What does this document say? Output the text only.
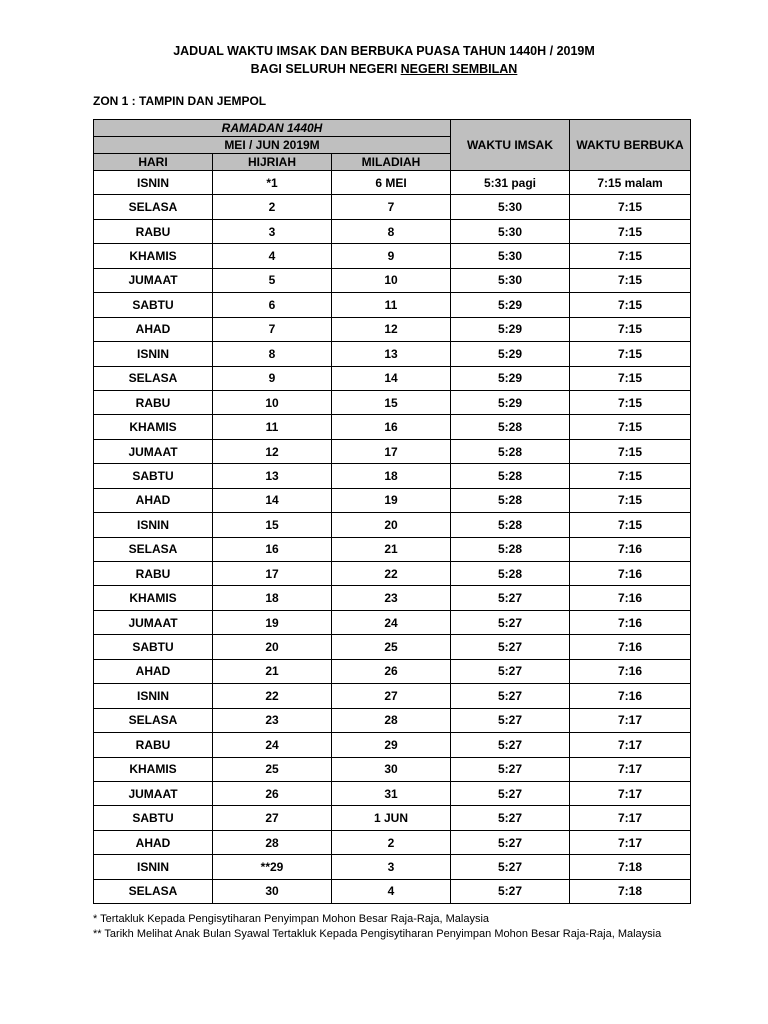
JADUAL WAKTU IMSAK DAN BERBUKA PUASA TAHUN 1440H / 2019M
BAGI SELURUH NEGERI NEGERI SEMBILAN
ZON 1 : TAMPIN DAN JEMPOL
RAMADAN 1440H			WAKTU IMSAK	WAKTU BERBUKA
MEI / JUN 2019M				
HARI	HIJRIAH	MILADIAH		
ISNIN	*1	6 MEI	5:31 pagi	7:15 malam
SELASA	2	7	5:30	7:15
RABU	3	8	5:30	7:15
KHAMIS	4	9	5:30	7:15
JUMAAT	5	10	5:30	7:15
SABTU	6	11	5:29	7:15
AHAD	7	12	5:29	7:15
ISNIN	8	13	5:29	7:15
SELASA	9	14	5:29	7:15
RABU	10	15	5:29	7:15
KHAMIS	11	16	5:28	7:15
JUMAAT	12	17	5:28	7:15
SABTU	13	18	5:28	7:15
AHAD	14	19	5:28	7:15
ISNIN	15	20	5:28	7:15
SELASA	16	21	5:28	7:16
RABU	17	22	5:28	7:16
KHAMIS	18	23	5:27	7:16
JUMAAT	19	24	5:27	7:16
SABTU	20	25	5:27	7:16
AHAD	21	26	5:27	7:16
ISNIN	22	27	5:27	7:16
SELASA	23	28	5:27	7:17
RABU	24	29	5:27	7:17
KHAMIS	25	30	5:27	7:17
JUMAAT	26	31	5:27	7:17
SABTU	27	1 JUN	5:27	7:17
AHAD	28	2	5:27	7:17
ISNIN	**29	3	5:27	7:18
SELASA	30	4	5:27	7:18
* Tertakluk Kepada Pengisytiharan Penyimpan Mohon Besar Raja-Raja, Malaysia
** Tarikh Melihat Anak Bulan Syawal Tertakluk Kepada Pengisytiharan Penyimpan Mohon Besar Raja-Raja, Malaysia
